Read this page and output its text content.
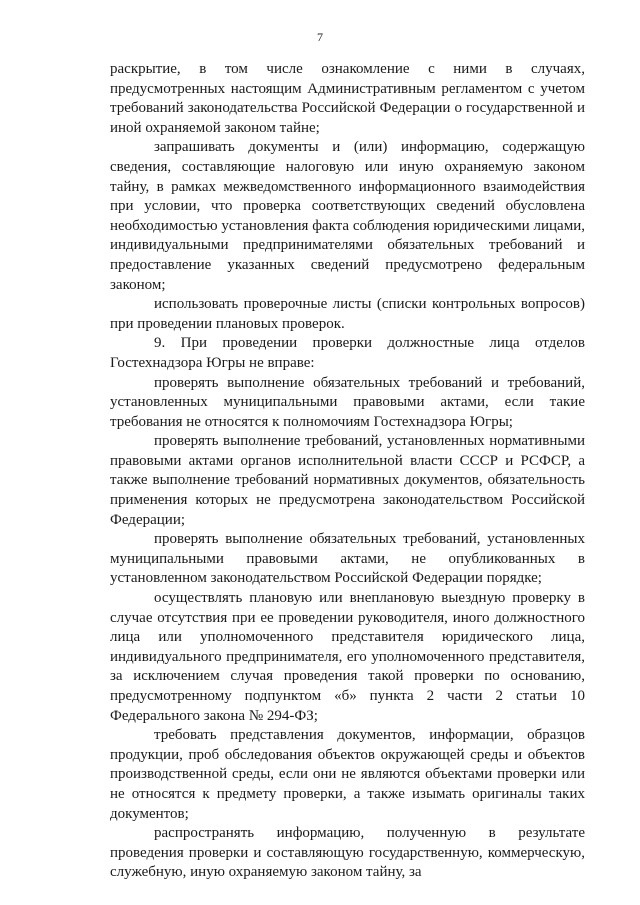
7

раскрытие, в том числе ознакомление с ними в случаях, предусмотренных настоящим Административным регламентом с учетом требований законодательства Российской Федерации о государственной и иной охраняемой законом тайне;

запрашивать документы и (или) информацию, содержащую сведения, составляющие налоговую или иную охраняемую законом тайну, в рамках межведомственного информационного взаимодействия при условии, что проверка соответствующих сведений обусловлена необходимостью установления факта соблюдения юридическими лицами, индивидуальными предпринимателями обязательных требований и предоставление указанных сведений предусмотрено федеральным законом;

использовать проверочные листы (списки контрольных вопросов) при проведении плановых проверок.

9. При проведении проверки должностные лица отделов Гостехнадзора Югры не вправе:

проверять выполнение обязательных требований и требований, установленных муниципальными правовыми актами, если такие требования не относятся к полномочиям Гостехнадзора Югры;

проверять выполнение требований, установленных нормативными правовыми актами органов исполнительной власти СССР и РСФСР, а также выполнение требований нормативных документов, обязательность применения которых не предусмотрена законодательством Российской Федерации;

проверять выполнение обязательных требований, установленных муниципальными правовыми актами, не опубликованных в установленном законодательством Российской Федерации порядке;

осуществлять плановую или внеплановую выездную проверку в случае отсутствия при ее проведении руководителя, иного должностного лица или уполномоченного представителя юридического лица, индивидуального предпринимателя, его уполномоченного представителя, за исключением случая проведения такой проверки по основанию, предусмотренному подпунктом «б» пункта 2 части 2 статьи 10 Федерального закона № 294-ФЗ;

требовать представления документов, информации, образцов продукции, проб обследования объектов окружающей среды и объектов производственной среды, если они не являются объектами проверки или не относятся к предмету проверки, а также изымать оригиналы таких документов;

распространять информацию, полученную в результате проведения проверки и составляющую государственную, коммерческую, служебную, иную охраняемую законом тайну, за
